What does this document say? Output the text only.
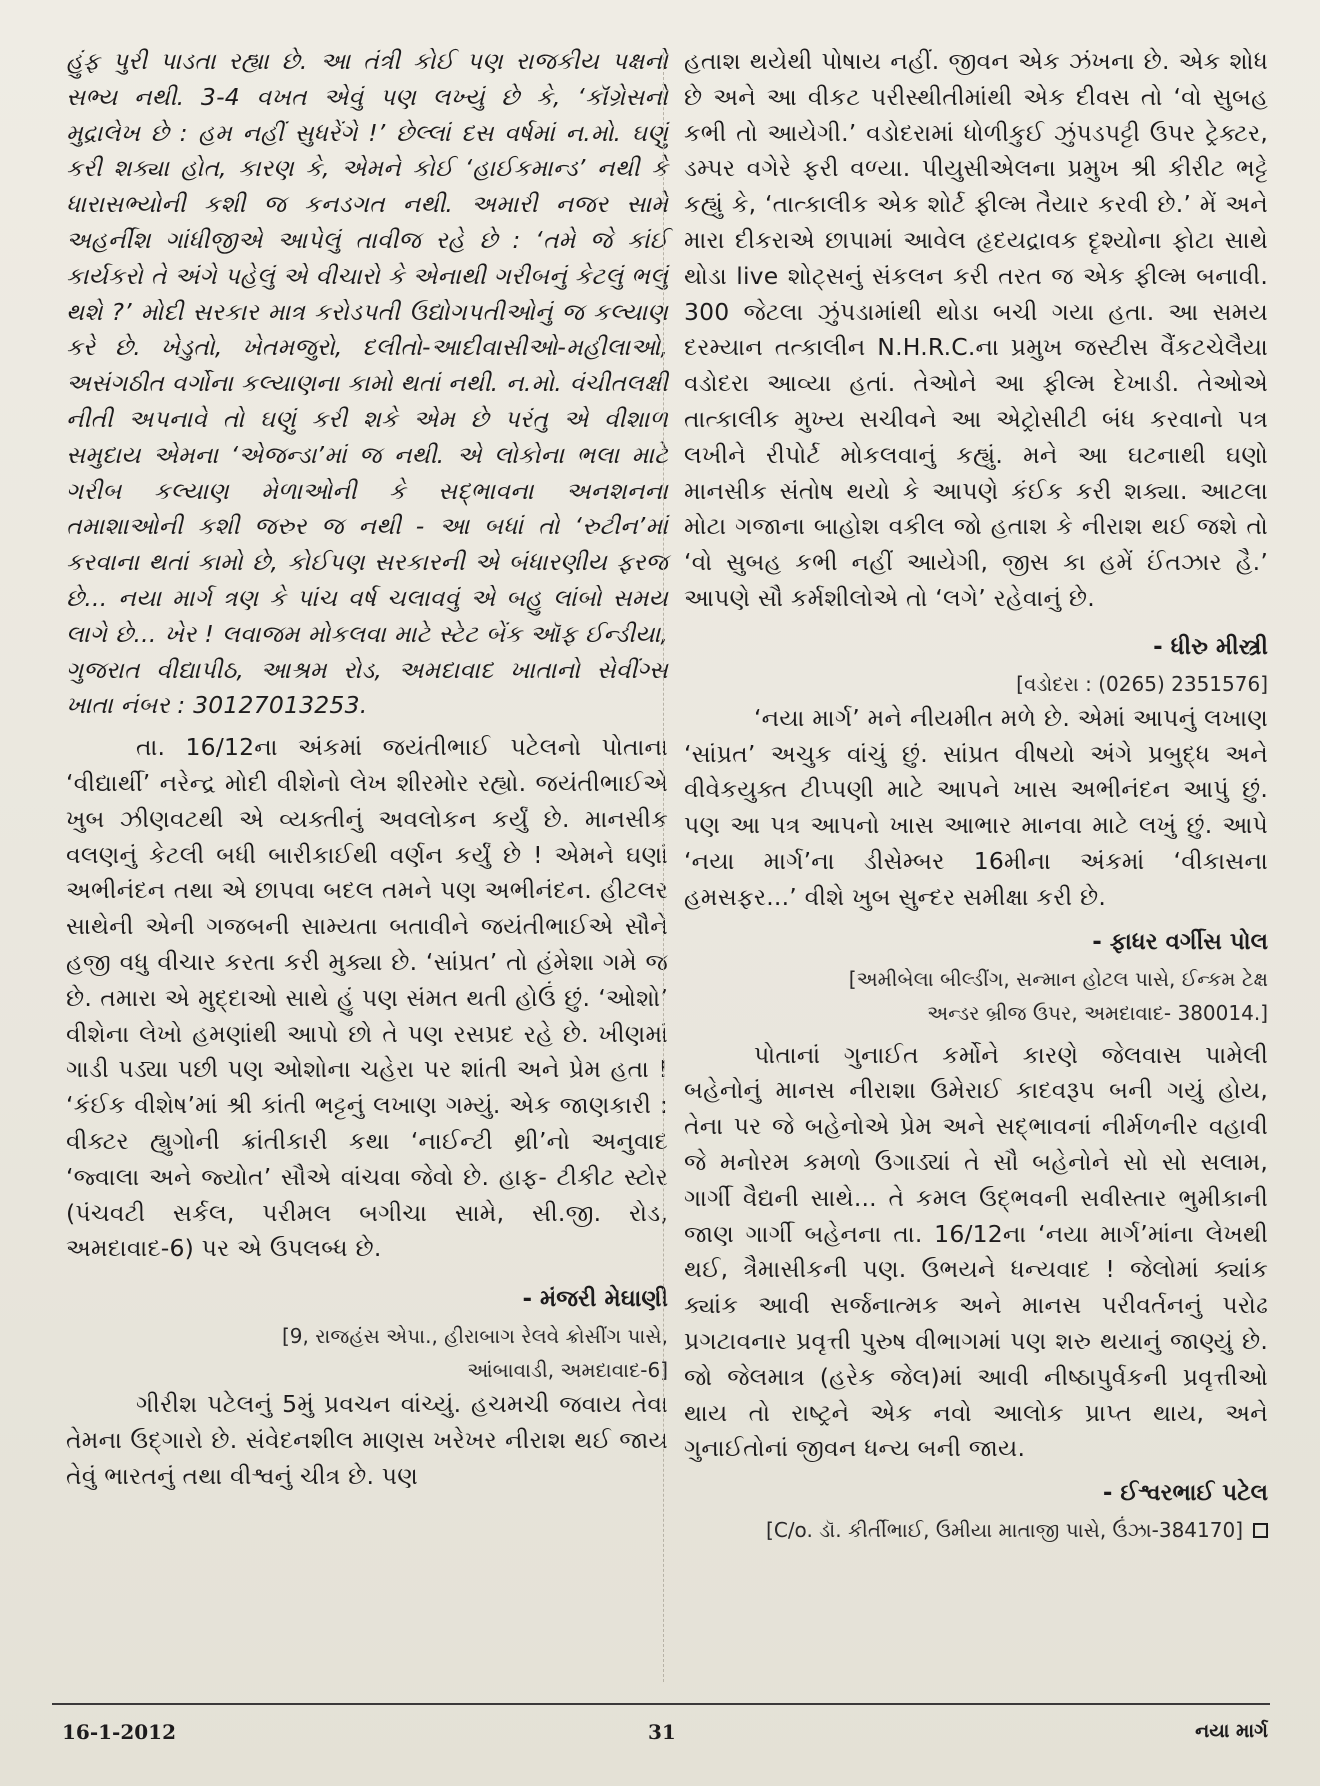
હુંફ પુરી પાડતા રહ્યા છે. આ તંત્રી કોઈ પણ રાજકીય પક્ષનો સભ્ય નથી. 3-4 વખત એવું પણ લખ્યું છે કે, ‘કૉંગ્રેસનો મુદ્રાલેખ છે : હમ નહીં સુધરેંગે !’ છેલ્લાં દસ વર્ષમાં ન.મો. ઘણું કરી શક્યા હોત, કારણ કે, એમને કોઈ ‘હાઈકમાન્ડ’ નથી કે ધારાસભ્યોની કશી જ કનડગત નથી. અમારી નજર સામે અહર્નીશ ગાંધીજીએ આપેલું તાવીજ રહે છે : ‘તમે જે કાંઈ કાર્યકરો તે અંગે પહેલું એ વીચારો કે એનાથી ગરીબનું કેટલું ભલું થશે ?’ મોદી સરકાર માત્ર કરોડપતી ઉદ્યોગપતીઓનું જ કલ્યાણ કરે છે. ખેડુતો, ખેતમજુરો, દલીતો-આદીવાસીઓ-મહીલાઓ, અસંગઠીત વર્ગોના કલ્યાણના કામો થતાં નથી. ન.મો. વંચીતલક્ષી નીતી અપનાવે તો ઘણું કરી શકે એમ છે પરંતુ એ વીશાળ સમુદાય એમના ‘એજન્ડા’માં જ નથી. એ લોકોના ભલા માટે ગરીબ કલ્યાણ મેળાઓની કે સદ્ભાવના અનશનના તમાશાઓની કશી જરુર જ નથી - આ બધાં તો ‘રુટીન’માં કરવાના થતાં કામો છે, કોઈપણ સરકારની એ બંધારણીય ફરજ છે... નયા માર્ગ ત્રણ કે પાંચ વર્ષ ચલાવવું એ બહુ લાંબો સમય લાગે છે... ખેર ! લવાજમ મોકલવા માટે સ્ટેટ બેંક ઑફ ઈન્ડીયા, ગુજરાત વીદ્યાપીઠ, આશ્રમ રોડ, અમદાવાદ ખાતાનો સેવીંગ્સ ખાતા નંબર : 30127013253.

તા. 16/12ના અંકમાં જયંતીભાઈ પટેલનો પોતાના ‘વીદ્યાર્થી’ નરેન્દ્ર મોદી વીશેનો લેખ શીરમોર રહ્યો. જયંતીભાઈએ ખુબ ઝીણવટથી એ વ્યક્તીનું અવલોકન કર્યું છે. માનસીક વલણનું કેટલી બધી બારીકાઈથી વર્ણન કર્યું છે ! એમને ઘણાં અભીનંદન તથા એ છાપવા બદલ તમને પણ અભીનંદન. હીટલર સાથેની એની ગજબની સામ્યતા બતાવીને જયંતીભાઈએ સૌને હજી વધુ વીચાર કરતા કરી મુક્યા છે. ‘સાંપ્રત’ તો હંમેશા ગમે જ છે. તમારા એ મુદ્દાઓ સાથે હું પણ સંમત થતી હોઉં છું. ‘ઓશો’ વીશેના લેખો હમણાંથી આપો છો તે પણ રસપ્રદ રહે છે. ખીણમાં ગાડી પડ્યા પછી પણ ઓશોના ચહેરા પર શાંતી અને પ્રેમ હતા ! ‘કંઈક વીશેષ’માં શ્રી કાંતી ભટ્ટનું લખાણ ગમ્યું. એક જાણકારી : વીક્ટર હ્યુગોની ક્રાંતીકારી કથા ‘નાઈન્ટી થ્રી’નો અનુવાદ ‘જ્વાલા અને જ્યોત’ સૌએ વાંચવા જેવો છે. હાફ- ટીકીટ સ્ટોર (પંચવટી સર્કલ, પરીમલ બગીચા સામે, સી.જી. રોડ, અમદાવાદ-6) પર એ ઉપલબ્ધ છે.

- મંજરી મેઘાણી
[9, રાજહંસ એપા., હીરાબાગ રેલવે ક્રોસીંગ પાસે,
આંબાવાડી, અમદાવાદ-6]

ગીરીશ પટેલનું 5મું પ્રવચન વાંચ્યું. હચમચી જવાય તેવા તેમના ઉદ્ગારો છે. સંવેદનશીલ માણસ ખરેખર નીરાશ થઈ જાય તેવું ભારતનું તથા વીશ્વનું ચીત્ર છે. પણ

હતાશ થયેથી પોષાય નહીં. જીવન એક ઝંખના છે. એક શોધ છે અને આ વીકટ પરીસ્થીતીમાંથી એક દીવસ તો ‘વો સુબહ કભી તો આયેગી.’ વડોદરામાં ધોળીકુઈ ઝુંપડપટ્ટી ઉપર ટ્રેક્ટર, ડમ્પર વગેરે ફરી વળ્યા. પીયુસીએલના પ્રમુખ શ્રી કીરીટ ભટ્ટે કહ્યું કે, ‘તાત્કાલીક એક શોર્ટ ફીલ્મ તૈયાર કરવી છે.’ મેં અને મારા દીકરાએ છાપામાં આવેલ હૃદયદ્રાવક દૃશ્યોના ફોટા સાથે થોડા live શોટ્સનું સંકલન કરી તરત જ એક ફીલ્મ બનાવી. 300 જેટલા ઝુંપડામાંથી થોડા બચી ગયા હતા. આ સમય દરમ્યાન તત્કાલીન N.H.R.C.ના પ્રમુખ જસ્ટીસ વૈંકટચેલૈયા વડોદરા આવ્યા હતાં. તેઓને આ ફીલ્મ દેખાડી. તેઓએ તાત્કાલીક મુખ્ય સચીવને આ એટ્રોસીટી બંધ કરવાનો પત્ર લખીને રીપોર્ટ મોકલવાનું કહ્યું. મને આ ઘટનાથી ઘણો માનસીક સંતોષ થયો કે આપણે કંઈક કરી શક્યા. આટલા મોટા ગજાના બાહોશ વકીલ જો હતાશ કે નીરાશ થઈ જશે તો ‘વો સુબહ કભી નહીં આયેગી, જીસ કા હમેં ઈંતઝાર હૈ.’ આપણે સૌ કર્મશીલોએ તો ‘લગે’ રહેવાનું છે.

- ધીરુ મીસ્ત્રી
[વડોદરા : (0265) 2351576]

‘નયા માર્ગ’ મને નીયમીત મળે છે. એમાં આપનું લખાણ ‘સાંપ્રત’ અચુક વાંચું છું. સાંપ્રત વીષયો અંગે પ્રબુદ્ધ અને વીવેકયુક્ત ટીપ્પણી માટે આપને ખાસ અભીનંદન આપું છું. પણ આ પત્ર આપનો ખાસ આભાર માનવા માટે લખું છું. આપે ‘નયા માર્ગ’ના ડીસેમ્બર 16મીના અંકમાં ‘વીકાસના હમસફર...’ વીશે ખુબ સુન્દર સમીક્ષા કરી છે.

- ફાધર વર્ગીસ પોલ
[અમીબેલા બીલ્ડીંગ, સન્માન હોટલ પાસે, ઈન્કમ ટેક્ષ
અન્ડર બ્રીજ ઉપર, અમદાવાદ- 380014.]

પોતાનાં ગુનાઈત કર્મોને કારણે જેલવાસ પામેલી બહેનોનું માનસ નીરાશા ઉમેરાઈ કાદવરૂપ બની ગયું હોય, તેના પર જે બહેનોએ પ્રેમ અને સદ્ભાવનાં નીર્મળનીર વહાવી જે મનોરમ કમળો ઉગાડ્યાં તે સૌ બહેનોને સો સો સલામ, ગાર્ગી વૈદ્યની સાથે... તે કમલ ઉદ્ભવની સવીસ્તાર ભુમીકાની જાણ ગાર્ગી બહેનના તા. 16/12ના ‘નયા માર્ગ’માંના લેખથી થઈ, ત્રૈમાસીકની પણ. ઉભયને ધન્યવાદ ! જેલોમાં ક્યાંક ક્યાંક આવી સર્જનાત્મક અને માનસ પરીવર્તનનું પરોઢ પ્રગટાવનાર પ્રવૃત્તી પુરુષ વીભાગમાં પણ શરુ થયાનું જાણ્યું છે. જો જેલમાત્ર (હરેક જેલ)માં આવી નીષ્ઠાપુર્વકની પ્રવૃત્તીઓ થાય તો રાષ્ટ્રને એક નવો આલોક પ્રાપ્ત થાય, અને ગુનાઈતોનાં જીવન ધન્ય બની જાય.

- ઈશ્વરભાઈ પટેલ
[C/o. ડૉ. કીર્તીભાઈ, ઉમીયા માતાજી પાસે, ઉંઝા-384170]
16-1-2012	31	નયા માર્ગ
